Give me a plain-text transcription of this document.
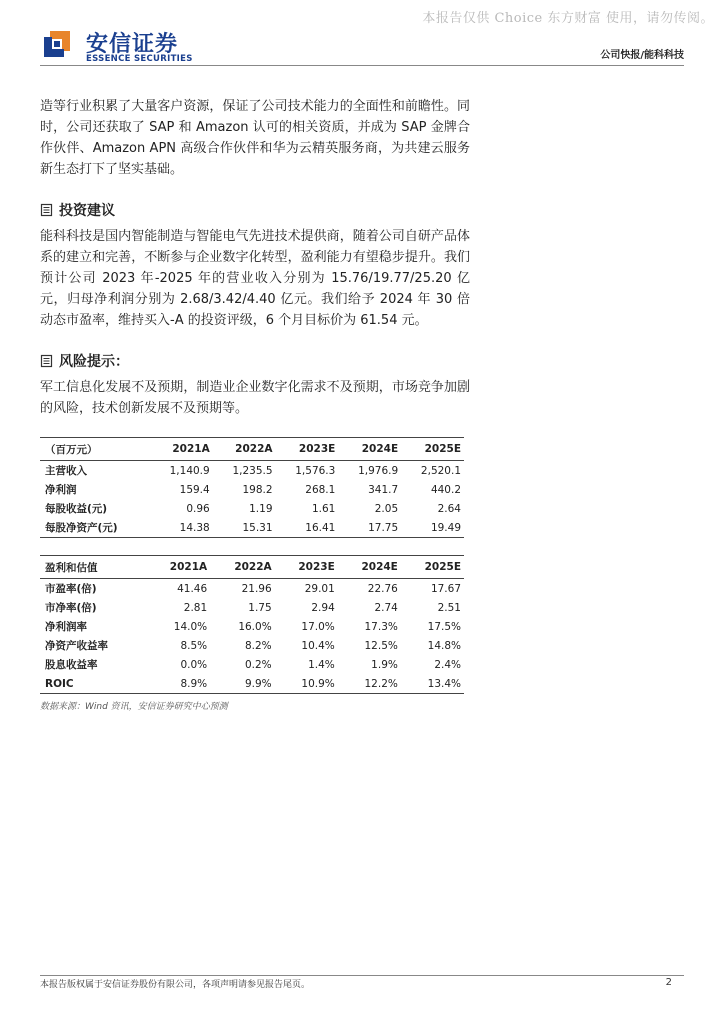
本报告仅供 Choice 东方财富 使用，请勿传阅。
安信证券
ESSENCE SECURITIES	公司快报/能科科技

造等行业积累了大量客户资源，保证了公司技术能力的全面性和前瞻性。同时，公司还获取了 SAP 和 Amazon 认可的相关资质，并成为 SAP 金牌合作伙伴、Amazon APN 高级合作伙伴和华为云精英服务商，为共建云服务新生态打下了坚实基础。

投资建议

能科科技是国内智能制造与智能电气先进技术提供商，随着公司自研产品体系的建立和完善，不断参与企业数字化转型，盈利能力有望稳步提升。我们预计公司 2023 年-2025 年的营业收入分别为 15.76/19.77/25.20 亿元，归母净利润分别为 2.68/3.42/4.40 亿元。我们给予 2024 年 30 倍动态市盈率，维持买入-A 的投资评级，6 个月目标价为 61.54 元。

风险提示：

军工信息化发展不及预期，制造业企业数字化需求不及预期，市场竞争加剧的风险，技术创新发展不及预期等。

（百万元）	2021A	2022A	2023E	2024E	2025E
主营收入	1,140.9	1,235.5	1,576.3	1,976.9	2,520.1
净利润	159.4	198.2	268.1	341.7	440.2
每股收益(元)	0.96	1.19	1.61	2.05	2.64
每股净资产(元)	14.38	15.31	16.41	17.75	19.49
盈利和估值	2021A	2022A	2023E	2024E	2025E
市盈率(倍)	41.46	21.96	29.01	22.76	17.67
市净率(倍)	2.81	1.75	2.94	2.74	2.51
净利润率	14.0%	16.0%	17.0%	17.3%	17.5%
净资产收益率	8.5%	8.2%	10.4%	12.5%	14.8%
股息收益率	0.0%	0.2%	1.4%	1.9%	2.4%
ROIC	8.9%	9.9%	10.9%	12.2%	13.4%
数据来源：Wind 资讯，安信证券研究中心预测
本报告版权属于安信证券股份有限公司，各项声明请参见报告尾页。	2
